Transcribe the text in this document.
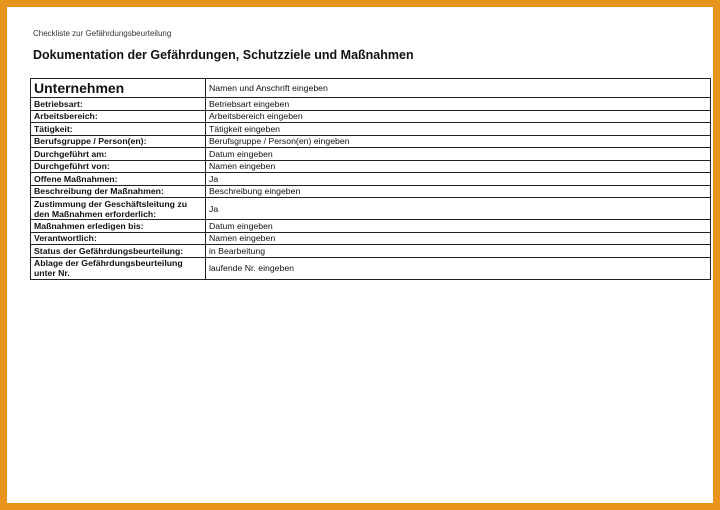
Checkliste zur Gefährdungsbeurteilung
Dokumentation der Gefährdungen, Schutzziele und Maßnahmen
Unternehmen	Namen und Anschrift eingeben
Betriebsart:	Betriebsart eingeben
Arbeitsbereich:	Arbeitsbereich eingeben
Tätigkeit:	Tätigkeit eingeben
Berufsgruppe / Person(en):	Berufsgruppe / Person(en) eingeben
Durchgeführt am:	Datum eingeben
Durchgeführt von:	Namen eingeben
Offene Maßnahmen:	Ja
Beschreibung der Maßnahmen:	Beschreibung eingeben
Zustimmung der Geschäftsleitung zu den Maßnahmen erforderlich:	Ja
Maßnahmen erledigen bis:	Datum eingeben
Verantwortlich:	Namen eingeben
Status der Gefährdungsbeurteilung:	in Bearbeitung
Ablage der Gefährdungsbeurteilung unter Nr.	laufende Nr. eingeben
